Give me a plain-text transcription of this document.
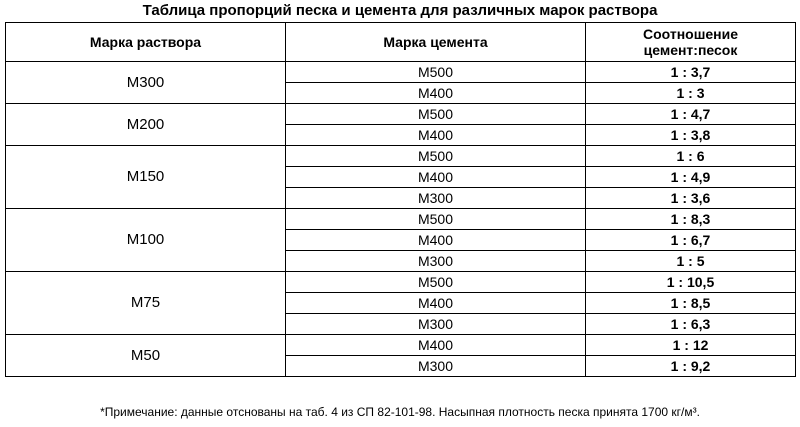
Таблица пропорций песка и цемента для различных марок раствора
Марка раствора	Марка цемента	Соотношение
цемент:песок

М300	М500	1 : 3,7
	М400	1 : 3
М200	М500	1 : 4,7
	М400	1 : 3,8
М150	М500	1 : 6
	М400	1 : 4,9
	М300	1 : 3,6
М100	М500	1 : 8,3
	М400	1 : 6,7
	М300	1 : 5
М75	М500	1 : 10,5
	М400	1 : 8,5
	М300	1 : 6,3
М50	М400	1 : 12
	М300	1 : 9,2
*Примечание: данные отснованы на таб. 4 из СП 82-101-98. Насыпная плотность песка принята 1700 кг/м³.
